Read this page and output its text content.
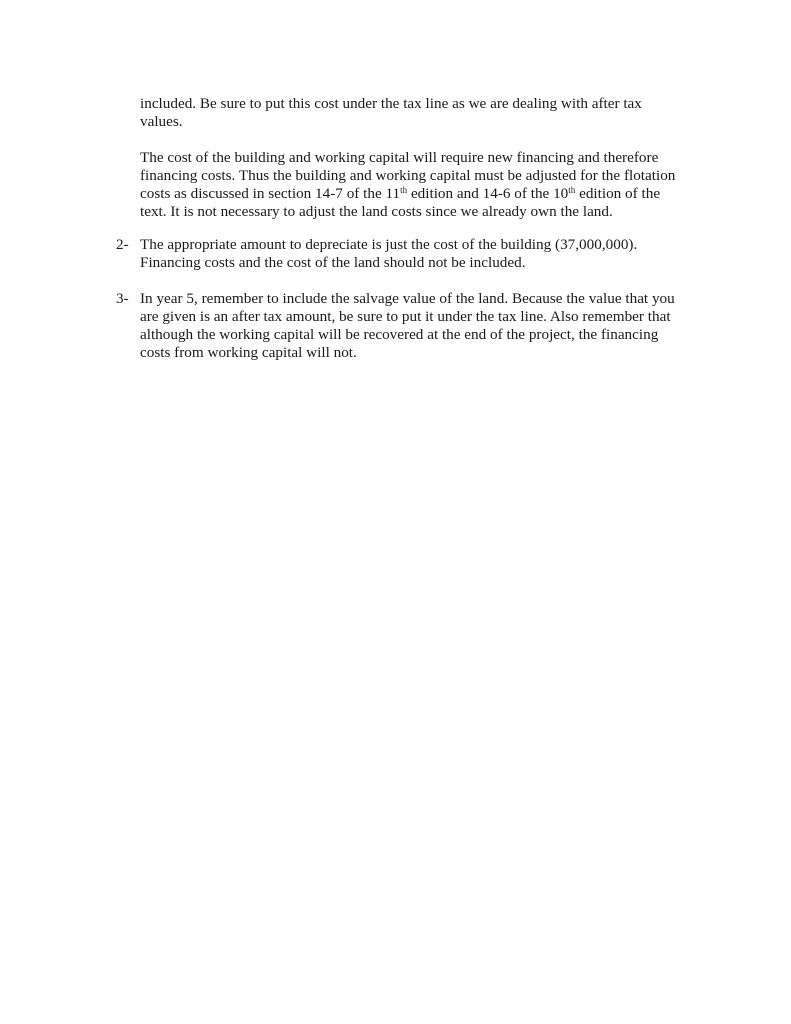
included. Be sure to put this cost under the tax line as we are dealing with after tax
values.

The cost of the building and working capital will require new financing and therefore
financing costs. Thus the building and working capital must be adjusted for the flotation
costs as discussed in section 14-7 of the 11th edition and 14-6 of the 10th edition of the
text. It is not necessary to adjust the land costs since we already own the land.

2- The appropriate amount to depreciate is just the cost of the building (37,000,000).
Financing costs and the cost of the land should not be included.
3- In year 5, remember to include the salvage value of the land. Because the value that you
are given is an after tax amount, be sure to put it under the tax line. Also remember that
although the working capital will be recovered at the end of the project, the financing
costs from working capital will not.
